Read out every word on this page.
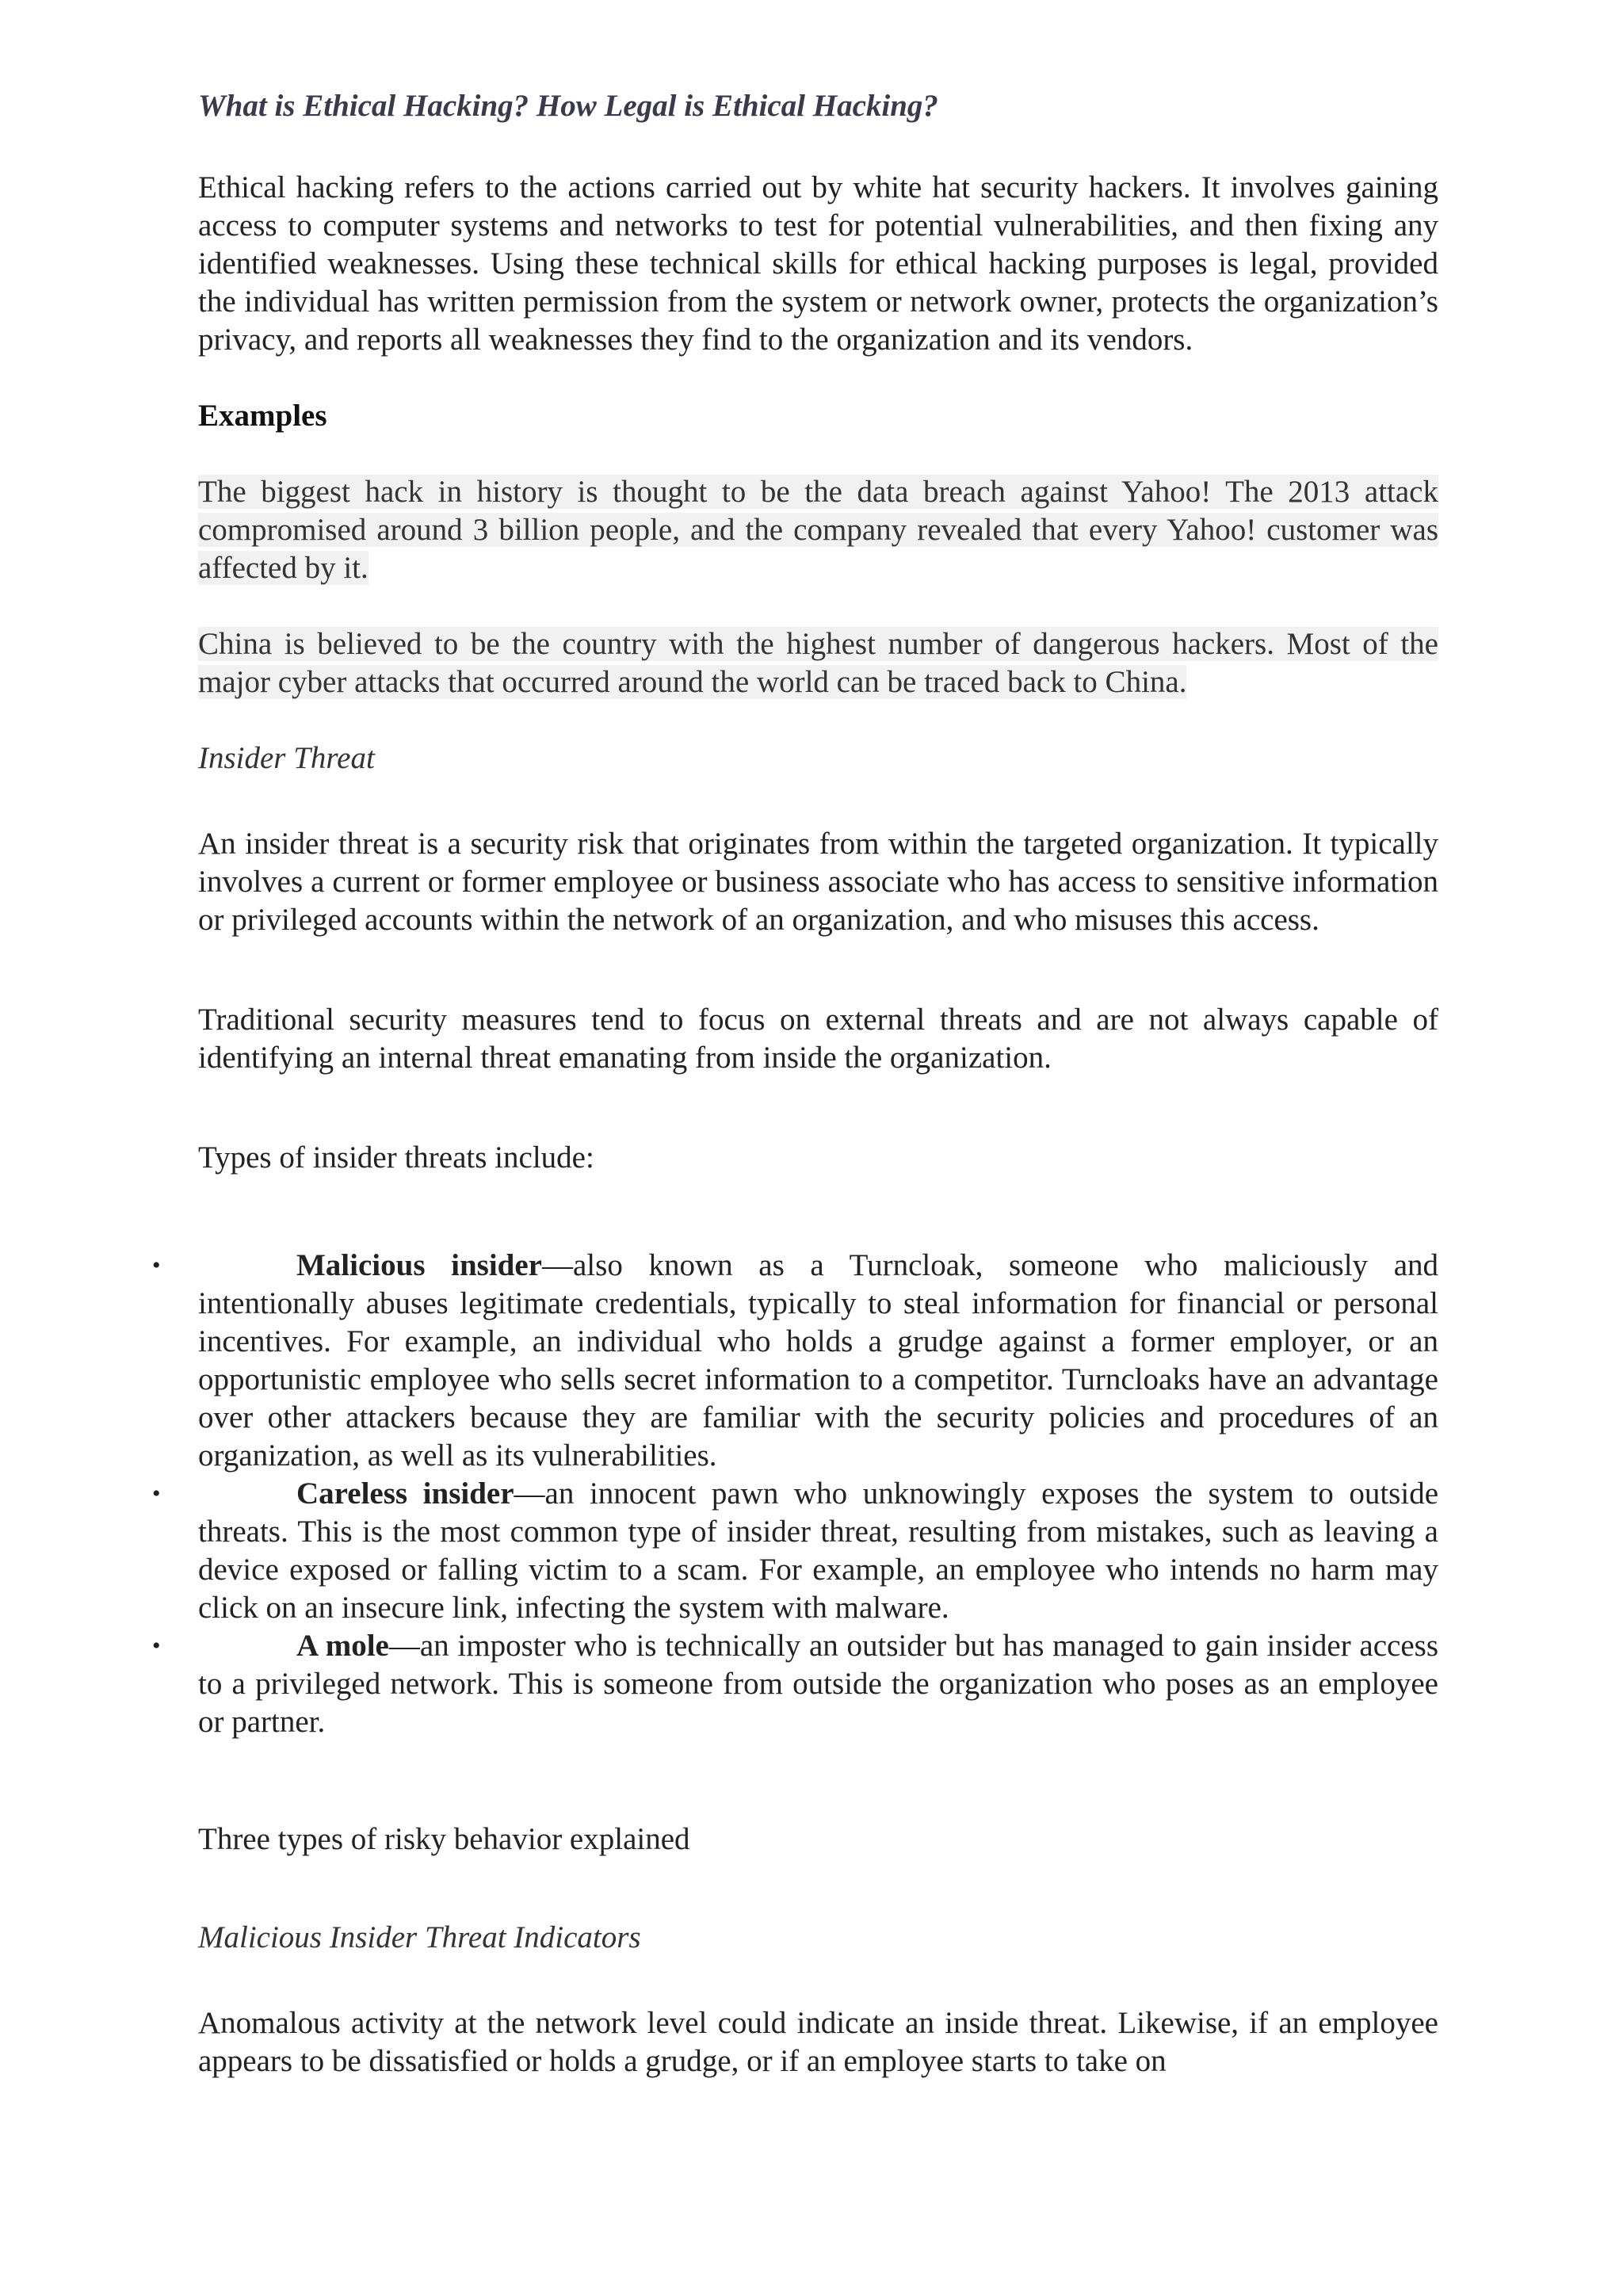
What is Ethical Hacking? How Legal is Ethical Hacking?
Ethical hacking refers to the actions carried out by white hat security hackers. It involves gaining access to computer systems and networks to test for potential vulnerabilities, and then fixing any identified weaknesses. Using these technical skills for ethical hacking purposes is legal, provided the individual has written permission from the system or network owner, protects the organization’s privacy, and reports all weaknesses they find to the organization and its vendors.
Examples
The biggest hack in history is thought to be the data breach against Yahoo! The 2013 attack compromised around 3 billion people, and the company revealed that every Yahoo! customer was affected by it.
China is believed to be the country with the highest number of dangerous hackers. Most of the major cyber attacks that occurred around the world can be traced back to China.
Insider Threat
An insider threat is a security risk that originates from within the targeted organization. It typically involves a current or former employee or business associate who has access to sensitive information or privileged accounts within the network of an organization, and who misuses this access.
Traditional security measures tend to focus on external threats and are not always capable of identifying an internal threat emanating from inside the organization.
Types of insider threats include:
•	Malicious insider—also known as a Turncloak, someone who maliciously and intentionally abuses legitimate credentials, typically to steal information for financial or personal incentives. For example, an individual who holds a grudge against a former employer, or an opportunistic employee who sells secret information to a competitor. Turncloaks have an advantage over other attackers because they are familiar with the security policies and procedures of an organization, as well as its vulnerabilities.
•	Careless insider—an innocent pawn who unknowingly exposes the system to outside threats. This is the most common type of insider threat, resulting from mistakes, such as leaving a device exposed or falling victim to a scam. For example, an employee who intends no harm may click on an insecure link, infecting the system with malware.
•	A mole—an imposter who is technically an outsider but has managed to gain insider access to a privileged network. This is someone from outside the organization who poses as an employee or partner.
Three types of risky behavior explained
Malicious Insider Threat Indicators
Anomalous activity at the network level could indicate an inside threat. Likewise, if an employee appears to be dissatisfied or holds a grudge, or if an employee starts to take on
